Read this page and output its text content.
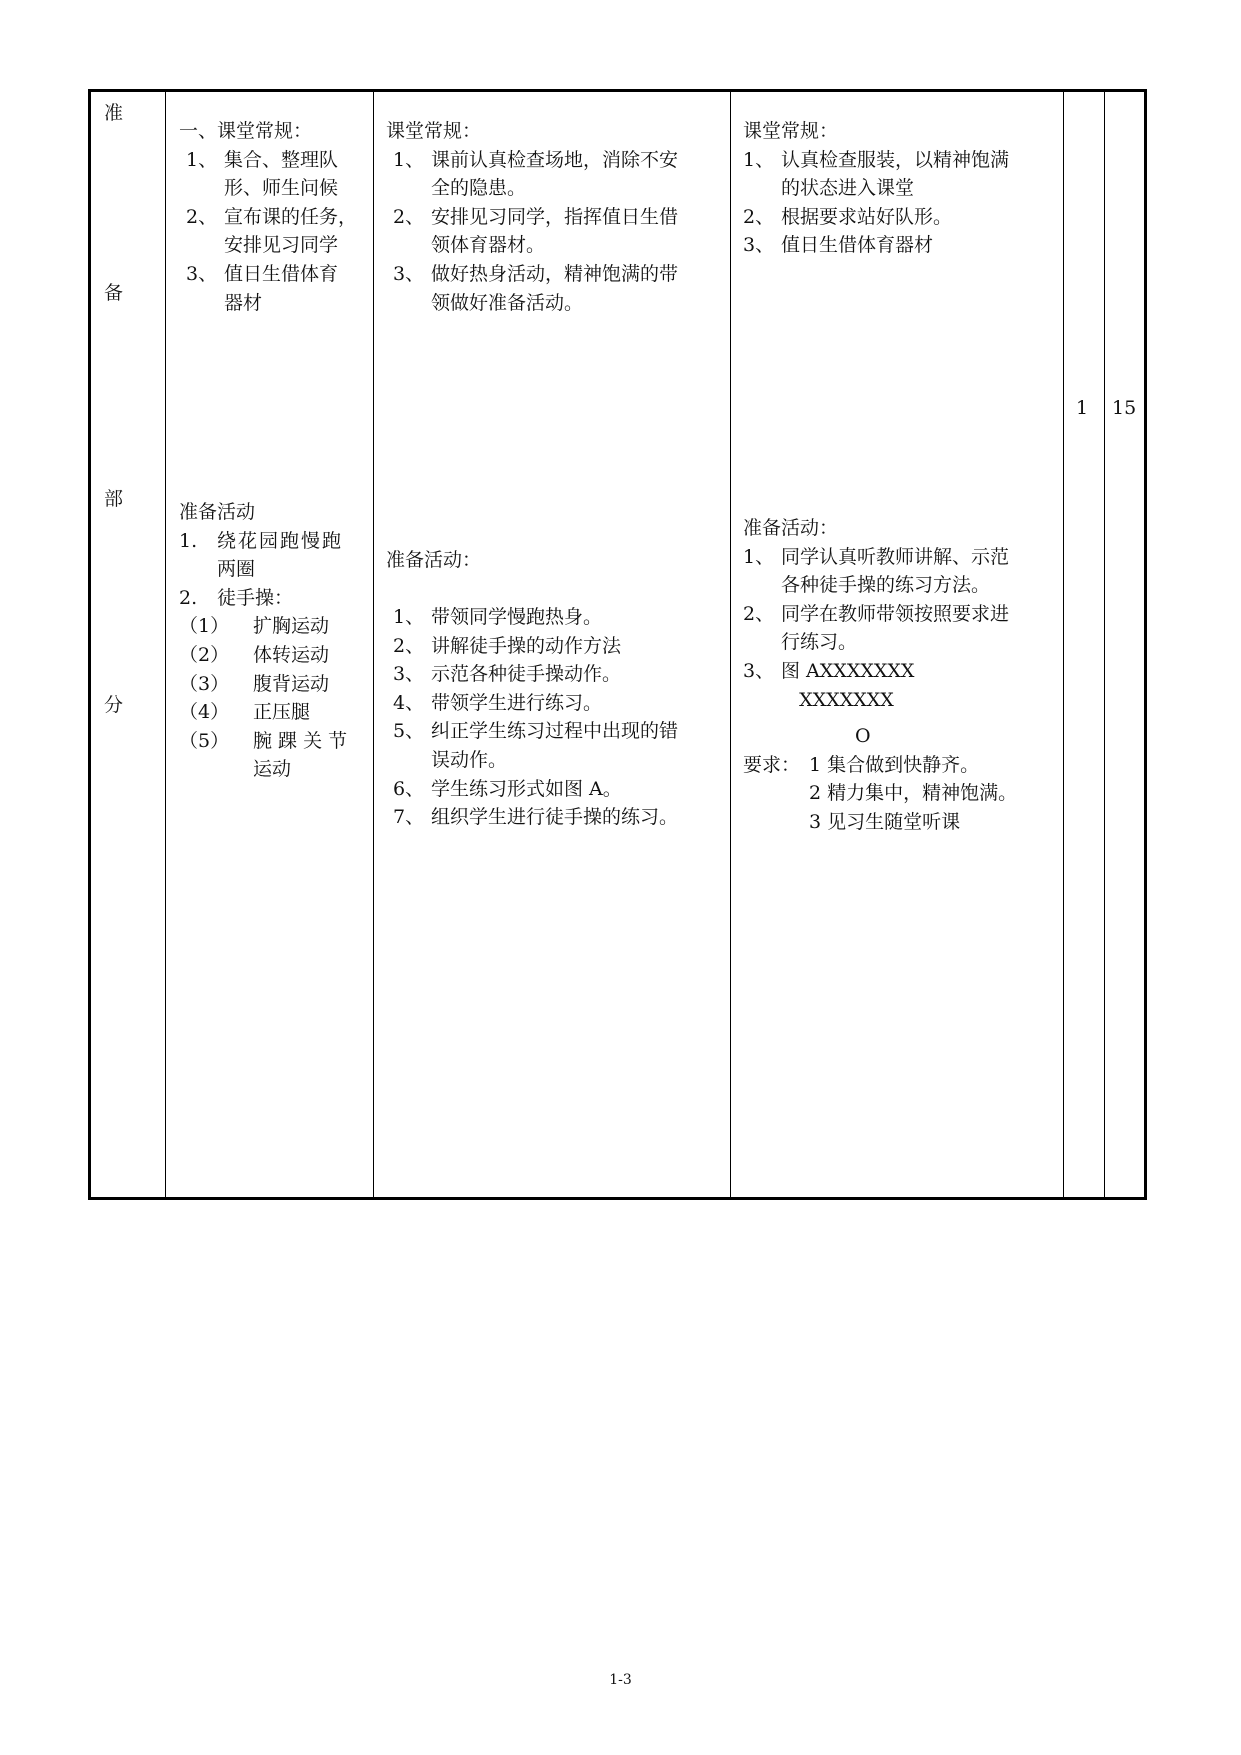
准
备
部
分
一、课堂常规：
1、 集合、整理队
形、师生问候
2、 宣布课的任务，
安排见习同学
3、 值日生借体育
器材
准备活动
1. 绕花园跑慢跑
两圈
2. 徒手操：
（1） 扩胸运动
（2） 体转运动
（3） 腹背运动
（4） 正压腿
（5） 腕 踝 关 节
运动
课堂常规：
1、 课前认真检查场地，消除不安
全的隐患。
2、 安排见习同学，指挥值日生借
领体育器材。
3、 做好热身活动，精神饱满的带
领做好准备活动。
准备活动：
1、 带领同学慢跑热身。
2、 讲解徒手操的动作方法
3、 示范各种徒手操动作。
4、 带领学生进行练习。
5、 纠正学生练习过程中出现的错
误动作。
6、 学生练习形式如图 A。
7、 组织学生进行徒手操的练习。
课堂常规：
1、 认真检查服装，以精神饱满
的状态进入课堂
2、 根据要求站好队形。
3、 值日生借体育器材
准备活动：
1、 同学认真听教师讲解、示范
各种徒手操的练习方法。
2、 同学在教师带领按照要求进
行练习。
3、 图 AXXXXXXX
XXXXXXX
O
要求： 1 集合做到快静齐。
2 精力集中，精神饱满。
3 见习生随堂听课
1 15
1-3
